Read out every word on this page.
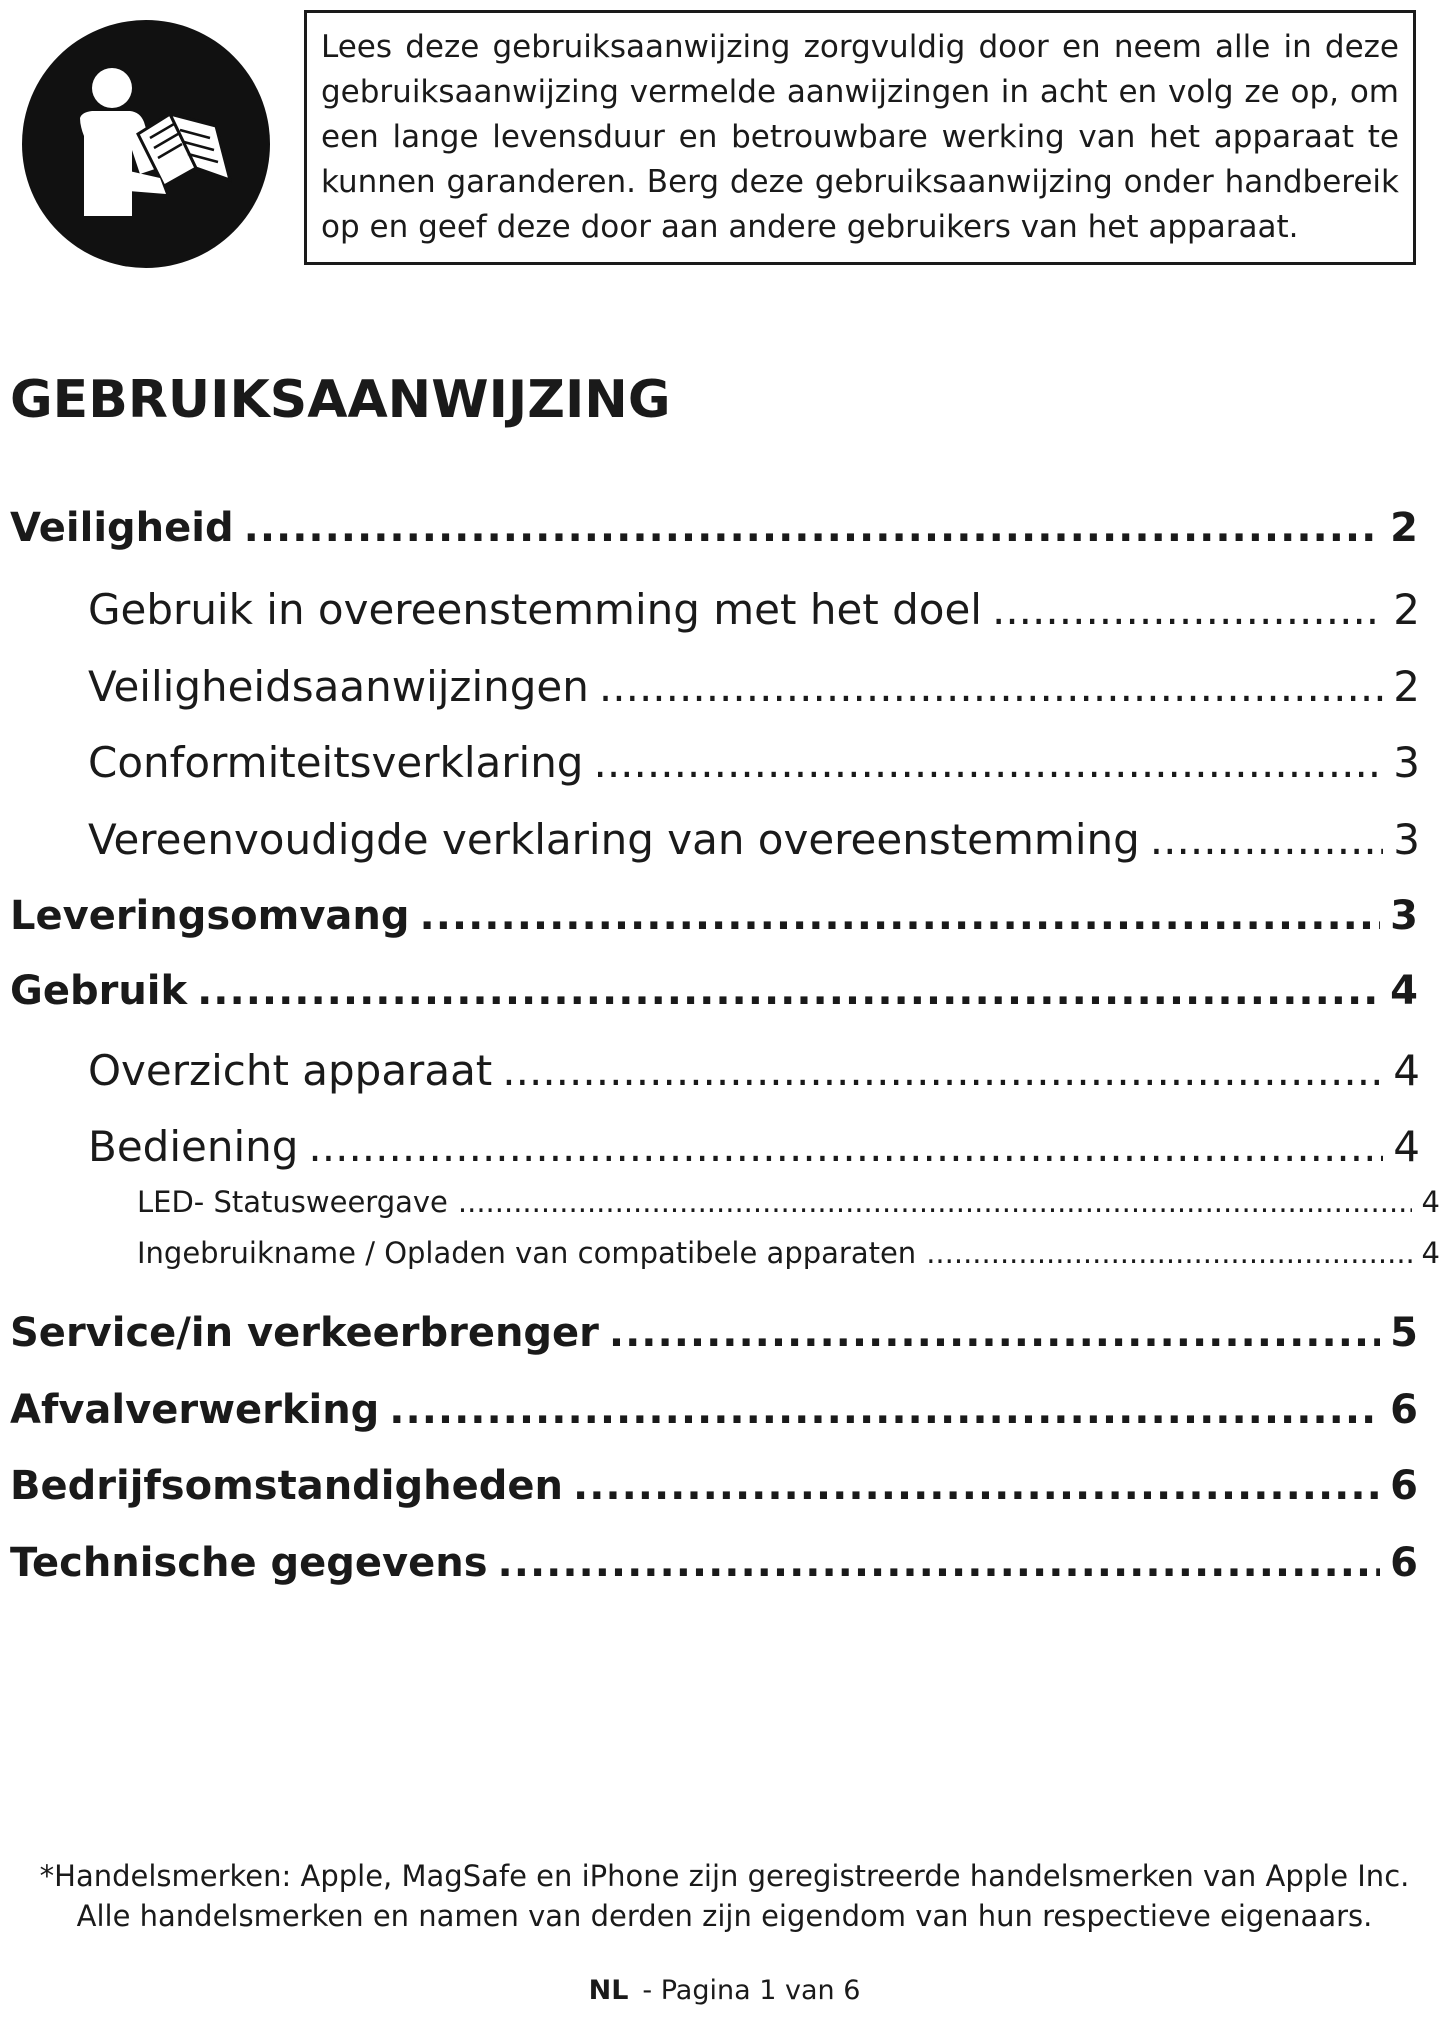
Lees deze gebruiksaanwijzing zorgvuldig door en neem alle in deze gebruiksaanwijzing vermelde aanwijzingen in acht en volg ze op, om een lange levensduur en betrouwbare werking van het apparaat te kunnen garanderen. Berg deze gebruiksaanwijzing onder handbereik op en geef deze door aan andere gebruikers van het apparaat.
GEBRUIKSAANWIJZING
Veiligheid .....	2
Gebruik in overeenstemming met het doel .....	2
Veiligheidsaanwijzingen .....	2
Conformiteitsverklaring .....	3
Vereenvoudigde verklaring van overeenstemming .....	3
Leveringsomvang .....	3
Gebruik .....	4
Overzicht apparaat .....	4
Bediening .....	4
LED- Statusweergave .....	4
Ingebruikname / Opladen van compatibele apparaten .....	4
Service/in verkeerbrenger .....	5
Afvalverwerking .....	6
Bedrijfsomstandigheden .....	6
Technische gegevens .....	6
*Handelsmerken: Apple, MagSafe en iPhone zijn geregistreerde handelsmerken van Apple Inc.
Alle handelsmerken en namen van derden zijn eigendom van hun respectieve eigenaars.
NL - Pagina 1 van 6
